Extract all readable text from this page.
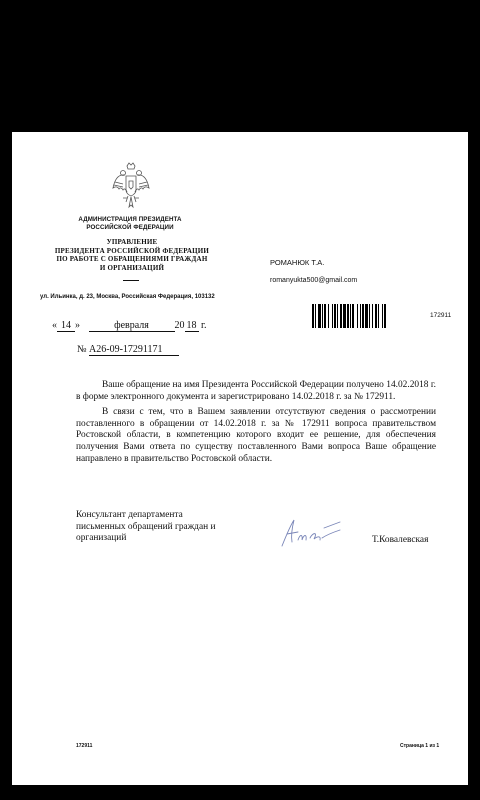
АДМИНИСТРАЦИЯ ПРЕЗИДЕНТА
РОССИЙСКОЙ ФЕДЕРАЦИИ
УПРАВЛЕНИЕ
ПРЕЗИДЕНТА РОССИЙСКОЙ ФЕДЕРАЦИИ
ПО РАБОТЕ С ОБРАЩЕНИЯМИ ГРАЖДАН
И ОРГАНИЗАЦИЙ
ул. Ильинка, д. 23, Москва, Российская Федерация, 103132
РОМАНЮК Т.А.
romanyukta500@gmail.com
172911
« 14 »	февраля	20 18 г.
№ А26-09-17291171

Ваше обращение на имя Президента Российской Федерации получено 14.02.2018 г. в форме электронного документа и зарегистрировано 14.02.2018 г. за № 172911.

В связи с тем, что в Вашем заявлении отсутствуют сведения о рассмотрении поставленного в обращении от 14.02.2018 г. за № 172911 вопроса правительством Ростовской области, в компетенцию которого входит ее решение, для обеспечения получения Вами ответа по существу поставленного Вами вопроса Ваше обращение направлено в правительство Ростовской области.

Консультант департамента
письменных обращений граждан и
организаций	Т.Ковалевская
172911	Страница 1 из 1
